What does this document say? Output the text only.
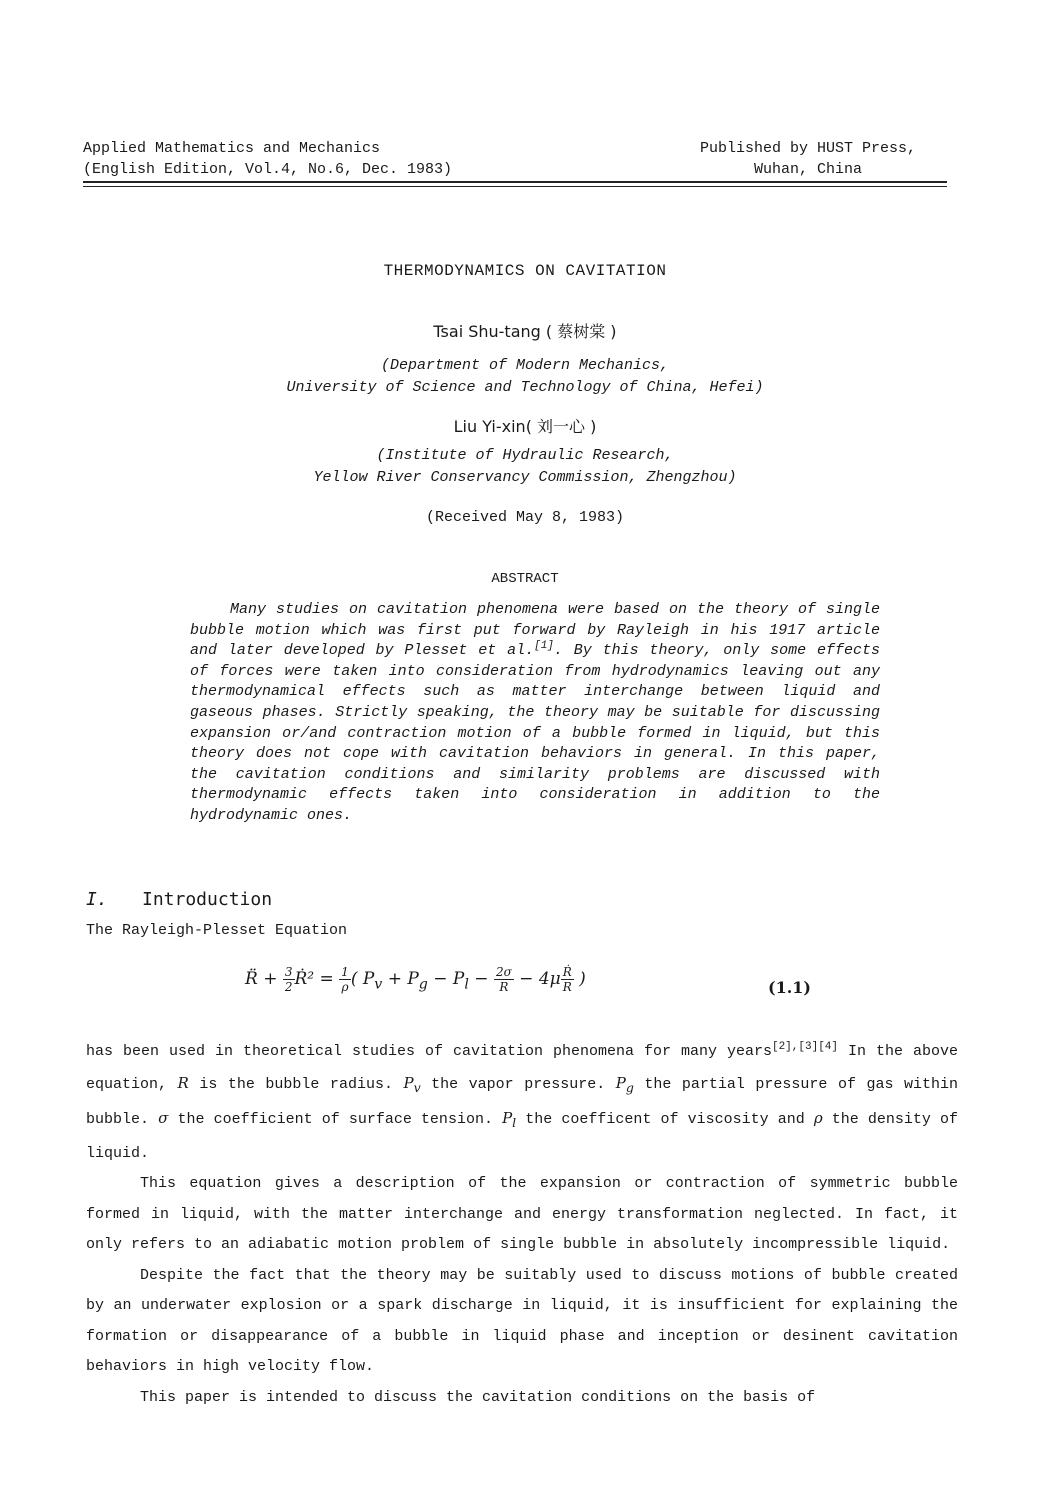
Applied Mathematics and Mechanics
(English Edition, Vol.4, No.6, Dec. 1983)
Published by HUST Press,
Wuhan, China
THERMODYNAMICS ON CAVITATION
Tsai Shu-tang ( 蔡树棠 )
(Department of Modern Mechanics,
University of Science and Technology of China, Hefei)
Liu Yi-xin( 刘一心 )
(Institute of Hydraulic Research,
Yellow River Conservancy Commission, Zhengzhou)
(Received May 8, 1983)
ABSTRACT
Many studies on cavitation phenomena were based on the theory of single bubble motion which was first put forward by Rayleigh in his 1917 article and later developed by Plesset et al.[1]. By this theory, only some effects of forces were taken into consideration from hydrodynamics leaving out any thermodynamical effects such as matter interchange between liquid and gaseous phases. Strictly speaking, the theory may be suitable for discussing expansion or/and contraction motion of a bubble formed in liquid, but this theory does not cope with cavitation behaviors in general. In this paper, the cavitation conditions and similarity problems are discussed with thermodynamic effects taken into consideration in addition to the hydrodynamic ones.
I. Introduction
The Rayleigh-Plesset Equation
R̈ + $\frac{3}{2}$ Ṙ² = $\frac{1}{\rho}$ ( $P_v + P_g - P_l - \frac{2\sigma}{R} - 4\mu \frac{\text{Ṙ}}{R}$ )	(1.1)

has been used in theoretical studies of cavitation phenomena for many years[2],[3][4] In the above equation, R is the bubble radius. $P_v$ the vapor pressure. $P_g$ the partial pressure of gas within bubble. σ the coefficient of surface tension. $P_l$ the coefficent of viscosity and ρ the density of liquid.

This equation gives a description of the expansion or contraction of symmetric bubble formed in liquid, with the matter interchange and energy transformation neglected. In fact, it only refers to an adiabatic motion problem of single bubble in absolutely incompressible liquid.

Despite the fact that the theory may be suitably used to discuss motions of bubble created by an underwater explosion or a spark discharge in liquid, it is insufficient for explaining the formation or disappearance of a bubble in liquid phase and inception or desinent cavitation behaviors in high velocity flow.

This paper is intended to discuss the cavitation conditions on the basis of
